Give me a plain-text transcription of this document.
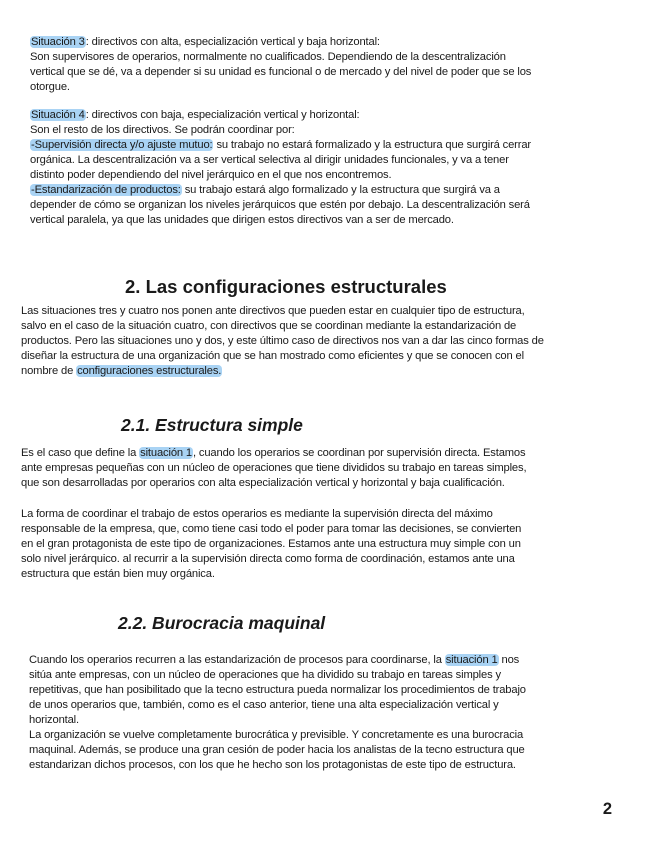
Situación 3: directivos con alta, especialización vertical y baja horizontal:

Son supervisores de operarios, normalmente no cualificados. Dependiendo de la descentralización

vertical que se dé, va a depender si su unidad es funcional o de mercado y del nivel de poder que se los

otorgue.

Situación 4: directivos con baja, especialización vertical y horizontal:

Son el resto de los directivos. Se podrán coordinar por:

-Supervisión directa y/o ajuste mutuo: su trabajo no estará formalizado y la estructura que surgirá cerrar

orgánica. La descentralización va a ser vertical selectiva al dirigir unidades funcionales, y va a tener

distinto poder dependiendo del nivel jerárquico en el que nos encontremos.

-Estandarización de productos: su trabajo estará algo formalizado y la estructura que surgirá va a

depender de cómo se organizan los niveles jerárquicos que estén por debajo. La descentralización será

vertical paralela, ya que las unidades que dirigen estos directivos van a ser de mercado.

2. Las configuraciones estructurales

Las situaciones tres y cuatro nos ponen ante directivos que pueden estar en cualquier tipo de estructura,

salvo en el caso de la situación cuatro, con directivos que se coordinan mediante la estandarización de

productos. Pero las situaciones uno y dos, y este último caso de directivos nos van a dar las cinco formas de

diseñar la estructura de una organización que se han mostrado como eficientes y que se conocen con el

nombre de configuraciones estructurales.

2.1. Estructura simple

Es el caso que define la situación 1, cuando los operarios se coordinan por supervisión directa. Estamos

ante empresas pequeñas con un núcleo de operaciones que tiene divididos su trabajo en tareas simples,

que son desarrolladas por operarios con alta especialización vertical y horizontal y baja cualificación.

La forma de coordinar el trabajo de estos operarios es mediante la supervisión directa del máximo

responsable de la empresa, que, como tiene casi todo el poder para tomar las decisiones, se convierten

en el gran protagonista de este tipo de organizaciones. Estamos ante una estructura muy simple con un

solo nivel jerárquico. al recurrir a la supervisión directa como forma de coordinación, estamos ante una

estructura que están bien muy orgánica.

2.2. Burocracia maquinal

Cuando los operarios recurren a las estandarización de procesos para coordinarse, la situación 1 nos

sitúa ante empresas, con un núcleo de operaciones que ha dividido su trabajo en tareas simples y

repetitivas, que han posibilitado que la tecno estructura pueda normalizar los procedimientos de trabajo

de unos operarios que, también, como es el caso anterior, tiene una alta especialización vertical y

horizontal.

La organización se vuelve completamente burocrática y previsible. Y concretamente es una burocracia

maquinal. Además, se produce una gran cesión de poder hacia los analistas de la tecno estructura que

estandarizan dichos procesos, con los que he hecho son los protagonistas de este tipo de estructura.

2
